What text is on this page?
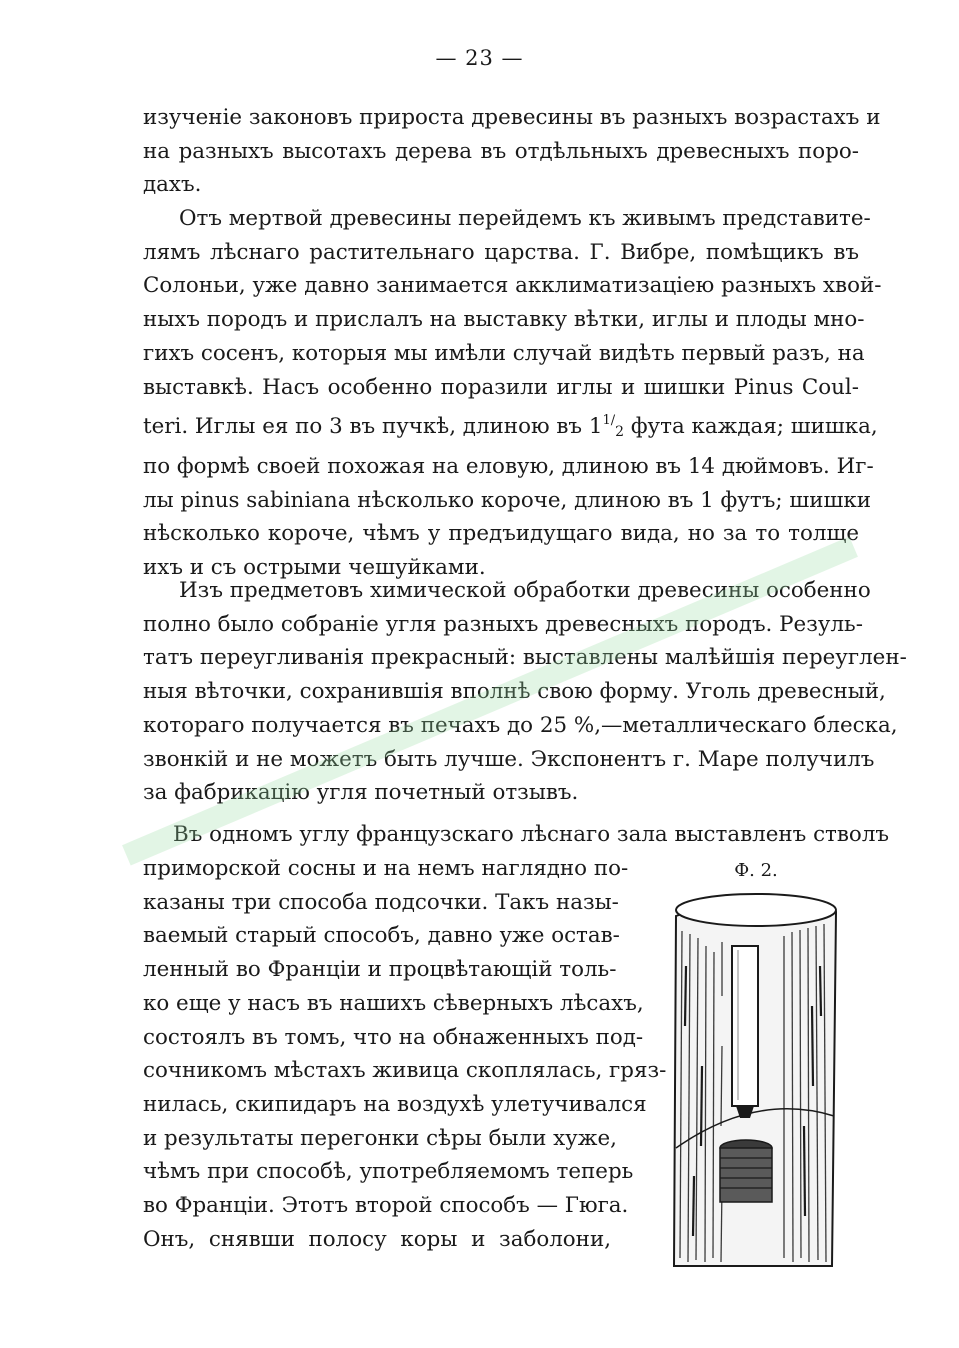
— 23 —
изученіе законовъ прироста древесины въ разныхъ возрастахъ и
на разныхъ высотахъ дерева въ отдѣльныхъ древесныхъ поро-
дахъ.
Отъ мертвой древесины перейдемъ къ живымъ представите-
лямъ лѣснаго растительнаго царства. Г. Вибре, помѣщикъ въ
Солоньи, уже давно занимается акклиматизацiею разныхъ хвой-
ныхъ породъ и прислалъ на выставку вѣтки, иглы и плоды мно-
гихъ сосенъ, которыя мы имѣли случай видѣть первый разъ, на
выставкѣ. Насъ особенно поразили иглы и шишки Pinus Coul-
teri. Иглы ея по 3 въ пучкѣ, длиною въ $1^{1/}2$ фута каждая; шишка,
по формѣ своей похожая на еловую, длиною въ 14 дюймовъ. Иг-
лы pinus sabiniana нѣсколько короче, длиною въ 1 футъ; шишки
нѣсколько короче, чѣмъ у предъидущаго вида, но за то толще
ихъ и съ острыми чешуйками.
Изъ предметовъ химической обработки древесины особенно
полно было собранiе угля разныхъ древесныхъ породъ. Резуль-
татъ переугливанiя прекрасный: выставлены малѣйшiя переуглен-
ныя вѣточки, сохранившiя вполнѣ свою форму. Уголь древесный,
котораго получается въ печахъ до 25 %,—металлическаго блеска,
звонкiй и не можетъ быть лучше. Экспонентъ г. Маре получилъ
за фабрикацiю угля почетный отзывъ.
Въ одномъ углу французскаго лѣснаго зала выставленъ стволъ
приморской сосны и на немъ наглядно по-
казаны три способа подсочки. Такъ назы-
ваемый старый способъ, давно уже остав-
ленный во Францiи и процвѣтающiй толь-
ко еще у насъ въ нашихъ сѣверныхъ лѣсахъ,
состоялъ въ томъ, что на обнаженныхъ под-
сочникомъ мѣстахъ живица скоплялась, гряз-
нилась, скипидаръ на воздухѣ улетучивался
и результаты перегонки сѣры были хуже,
чѣмъ при способѣ, употребляемомъ теперь
во Францiи. Этотъ второй способъ — Гюга.
Онъ, снявши полосу коры и заболони,
Ф. 2.
